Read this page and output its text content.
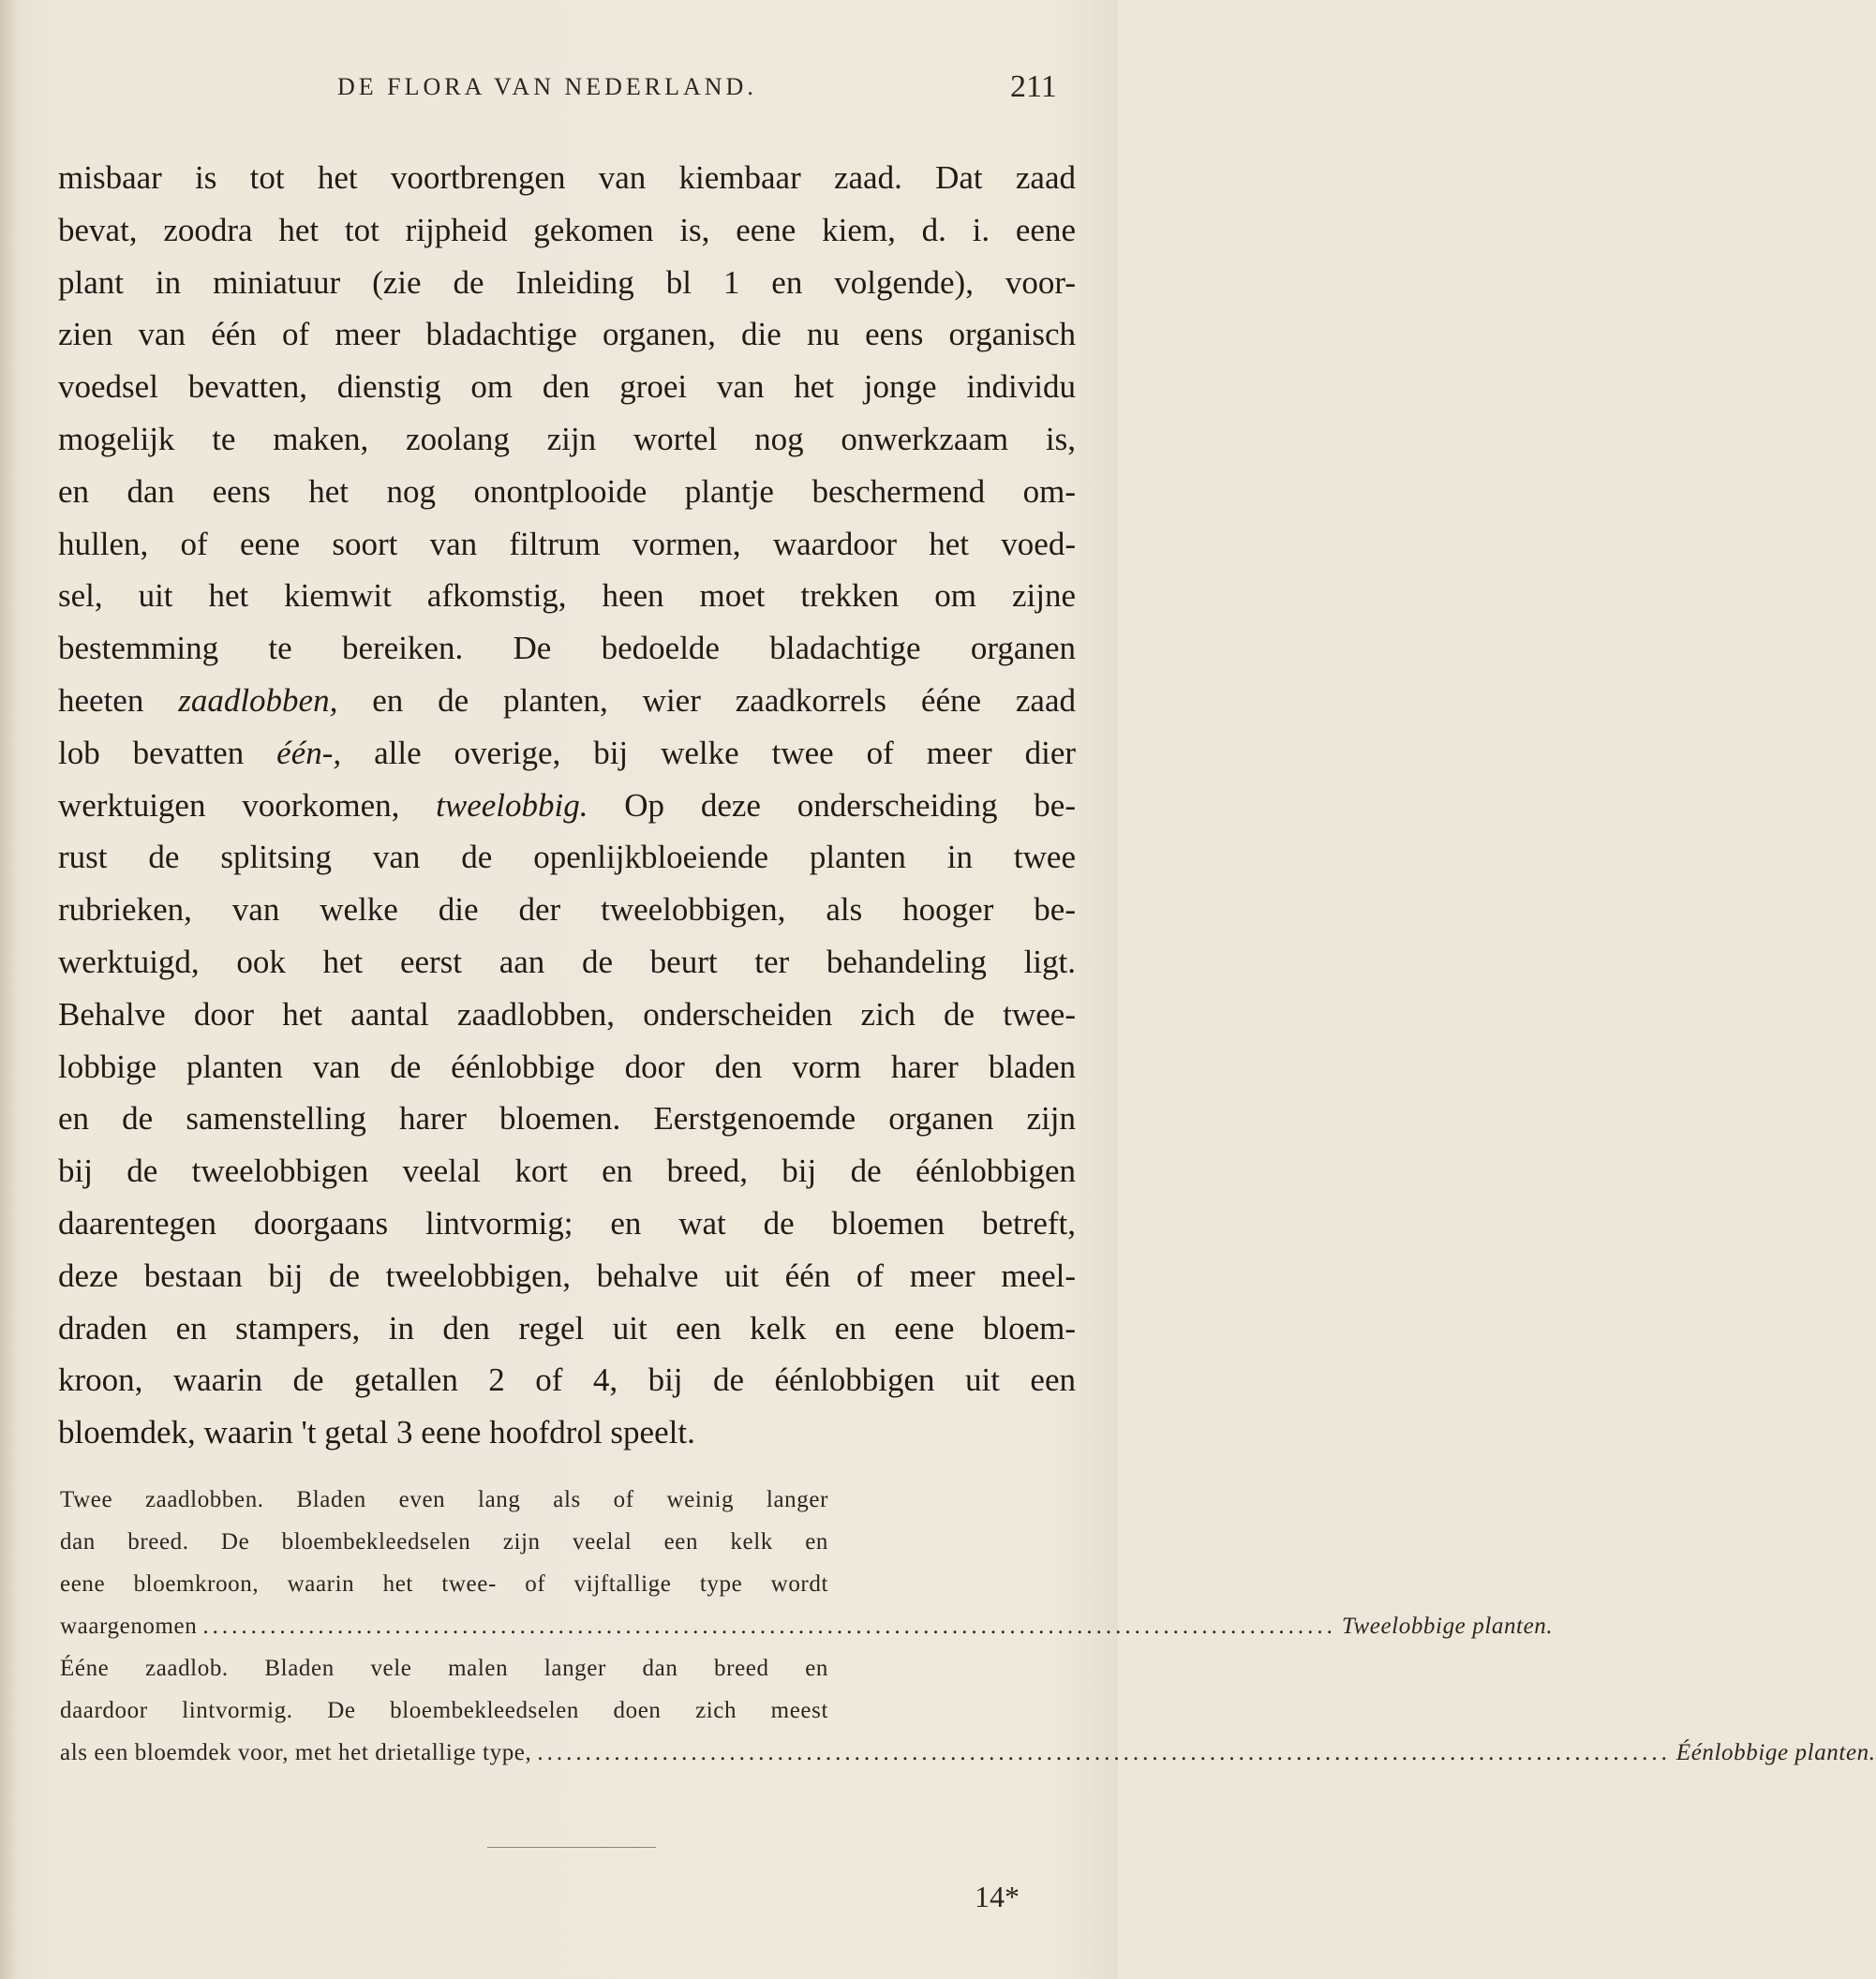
DE FLORA VAN NEDERLAND.	211
misbaar is tot het voortbrengen van kiembaar zaad. Dat zaad
bevat, zoodra het tot rijpheid gekomen is, eene kiem, d. i. eene
plant in miniatuur (zie de Inleiding bl 1 en volgende), voor-
zien van één of meer bladachtige organen, die nu eens organisch
voedsel bevatten, dienstig om den groei van het jonge individu
mogelijk te maken, zoolang zijn wortel nog onwerkzaam is,
en dan eens het nog onontplooide plantje beschermend om-
hullen, of eene soort van filtrum vormen, waardoor het voed-
sel, uit het kiemwit afkomstig, heen moet trekken om zijne
bestemming te bereiken. De bedoelde bladachtige organen
heeten zaadlobben, en de planten, wier zaadkorrels éénе zaad
lob bevatten één-, alle overige, bij welke twee of meer dier
werktuigen voorkomen, tweelobbig. Op deze onderscheiding be-
rust de splitsing van de openlijkbloeiende planten in twee
rubrieken, van welke die der tweelobbigen, als hooger be-
werktuigd, ook het eerst aan de beurt ter behandeling ligt.
Behalve door het aantal zaadlobben, onderscheiden zich de twee-
lobbige planten van de éénlobbige door den vorm harer bladen
en de samenstelling harer bloemen. Eerstgenoemde organen zijn
bij de tweelobbigen veelal kort en breed, bij de éénlobbigen
daarentegen doorgaans lintvormig; en wat de bloemen betreft,
deze bestaan bij de tweelobbigen, behalve uit één of meer meel-
draden en stampers, in den regel uit een kelk en eene bloem-
kroon, waarin de getallen 2 of 4, bij de éénlobbigen uit een
bloemdek, waarin 't getal 3 eene hoofdrol speelt.
Twee zaadlobben. Bladen even lang als of weinig langer
dan breed. De bloembekleedselen zijn veelal een kelk en
eene bloemkroon, waarin het twee- of vijftallige type wordt
waargenomen ...................................................................................................................... Tweelobbige planten.
Éénе zaadlob. Bladen vele malen langer dan breed en
daardoor lintvormig. De bloembekleedselen doen zich meest
als een bloemdek voor, met het drietallige type, ...................................................................................................................... Éénlobbige planten.
14*
